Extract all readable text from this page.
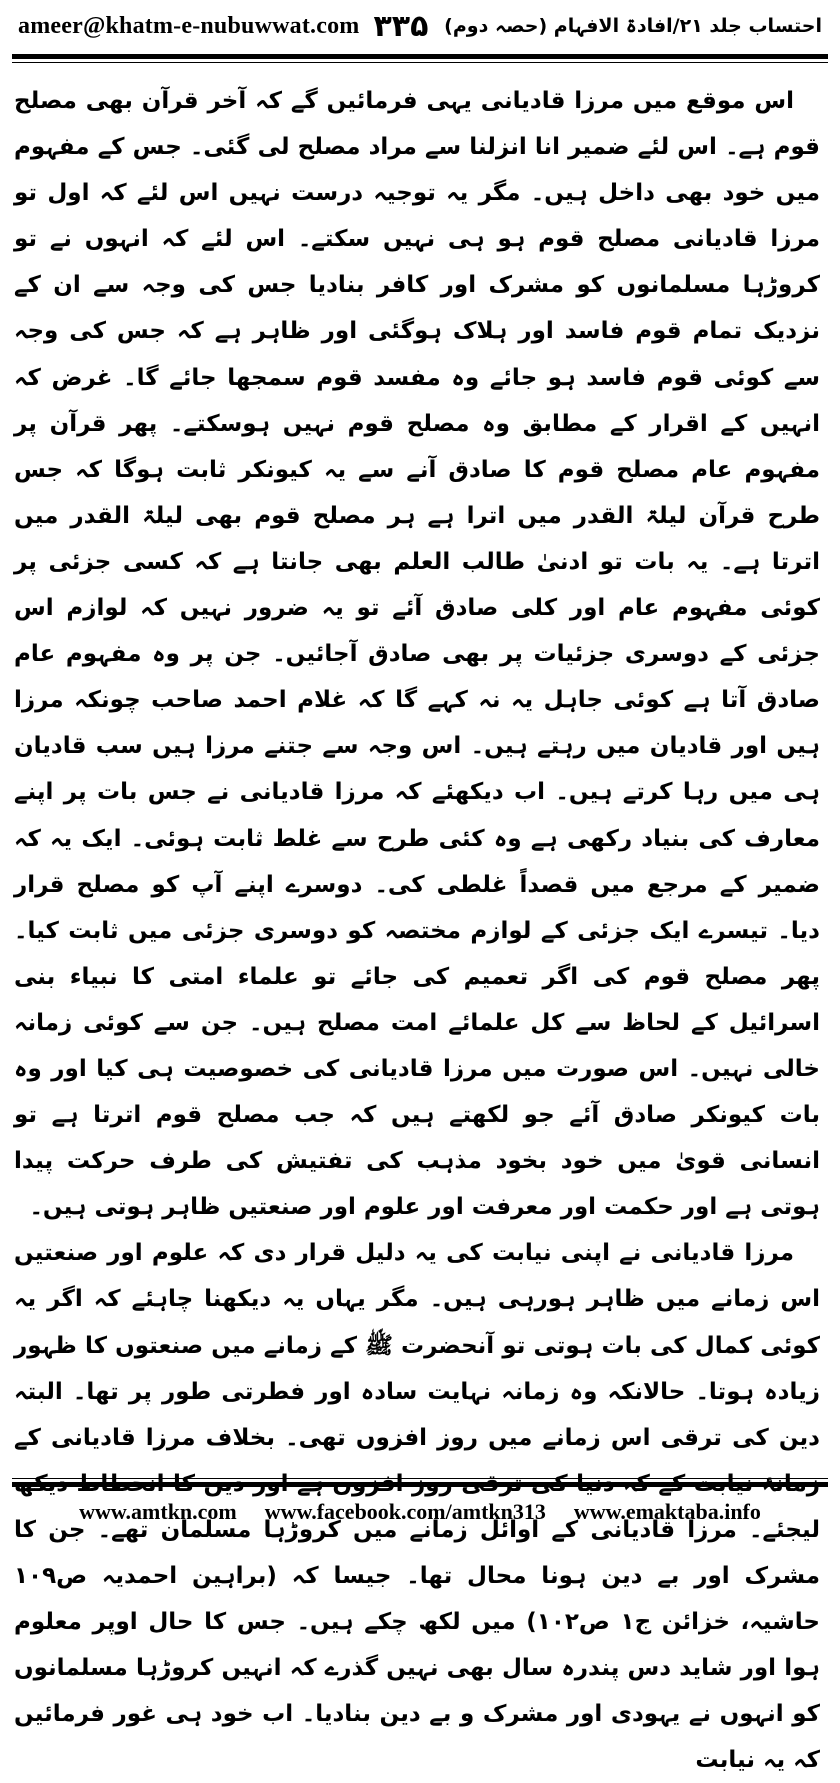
ameer@khatm-e-nubuwwat.com ۳۳۵ احتساب جلد ۲۱/افادۃ الافہام (حصہ دوم)

اس موقع میں مرزا قادیانی یہی فرمائیں گے کہ آخر قرآن بھی مصلح قوم ہے۔ اس لئے ضمیر انا انزلنا سے مراد مصلح لی گئی۔ جس کے مفہوم میں خود بھی داخل ہیں۔ مگر یہ توجیہ درست نہیں اس لئے کہ اول تو مرزا قادیانی مصلح قوم ہو ہی نہیں سکتے۔ اس لئے کہ انہوں نے تو کروڑہا مسلمانوں کو مشرک اور کافر بنادیا جس کی وجہ سے ان کے نزدیک تمام قوم فاسد اور ہلاک ہوگئی اور ظاہر ہے کہ جس کی وجہ سے کوئی قوم فاسد ہو جائے وہ مفسد قوم سمجھا جائے گا۔ غرض کہ انہیں کے اقرار کے مطابق وہ مصلح قوم نہیں ہوسکتے۔ پھر قرآن پر مفہوم عام مصلح قوم کا صادق آنے سے یہ کیونکر ثابت ہوگا کہ جس طرح قرآن لیلۃ القدر میں اترا ہے ہر مصلح قوم بھی لیلۃ القدر میں اترتا ہے۔ یہ بات تو ادنیٰ طالب العلم بھی جانتا ہے کہ کسی جزئی پر کوئی مفہوم عام اور کلی صادق آئے تو یہ ضرور نہیں کہ لوازم اس جزئی کے دوسری جزئیات پر بھی صادق آجائیں۔ جن پر وہ مفہوم عام صادق آتا ہے کوئی جاہل یہ نہ کہے گا کہ غلام احمد صاحب چونکہ مرزا ہیں اور قادیان میں رہتے ہیں۔ اس وجہ سے جتنے مرزا ہیں سب قادیان ہی میں رہا کرتے ہیں۔ اب دیکھئے کہ مرزا قادیانی نے جس بات پر اپنے معارف کی بنیاد رکھی ہے وہ کئی طرح سے غلط ثابت ہوئی۔ ایک یہ کہ ضمیر کے مرجع میں قصداً غلطی کی۔ دوسرے اپنے آپ کو مصلح قرار دیا۔ تیسرے ایک جزئی کے لوازم مختصہ کو دوسری جزئی میں ثابت کیا۔ پھر مصلح قوم کی اگر تعمیم کی جائے تو علماء امتی کا نبیاء بنی اسرائیل کے لحاظ سے کل علمائے امت مصلح ہیں۔ جن سے کوئی زمانہ خالی نہیں۔ اس صورت میں مرزا قادیانی کی خصوصیت ہی کیا اور وہ بات کیونکر صادق آئے جو لکھتے ہیں کہ جب مصلح قوم اترتا ہے تو انسانی قویٰ میں خود بخود مذہب کی تفتیش کی طرف حرکت پیدا ہوتی ہے اور حکمت اور معرفت اور علوم اور صنعتیں ظاہر ہوتی ہیں۔

مرزا قادیانی نے اپنی نیابت کی یہ دلیل قرار دی کہ علوم اور صنعتیں اس زمانے میں ظاہر ہورہی ہیں۔ مگر یہاں یہ دیکھنا چاہئے کہ اگر یہ کوئی کمال کی بات ہوتی تو آنحضرت ﷺ کے زمانے میں صنعتوں کا ظہور زیادہ ہوتا۔ حالانکہ وہ زمانہ نہایت سادہ اور فطرتی طور پر تھا۔ البتہ دین کی ترقی اس زمانے میں روز افزوں تھی۔ بخلاف مرزا قادیانی کے زمانۂ نیابت کے کہ دنیا کی ترقی روز افزوں ہے اور دین کا انحطاط دیکھ لیجئے۔ مرزا قادیانی کے اوائل زمانے میں کروڑہا مسلمان تھے۔ جن کا مشرک اور بے دین ہونا محال تھا۔ جیسا کہ (براہین احمدیہ ص۱۰۹ حاشیہ، خزائن ج۱ ص۱۰۲) میں لکھ چکے ہیں۔ جس کا حال اوپر معلوم ہوا اور شاید دس پندرہ سال بھی نہیں گذرے کہ انہیں کروڑہا مسلمانوں کو انہوں نے یہودی اور مشرک و بے دین بنادیا۔ اب خود ہی غور فرمائیں کہ یہ نیابت

www.amtkn.com www.facebook.com/amtkn313 www.emaktaba.info
